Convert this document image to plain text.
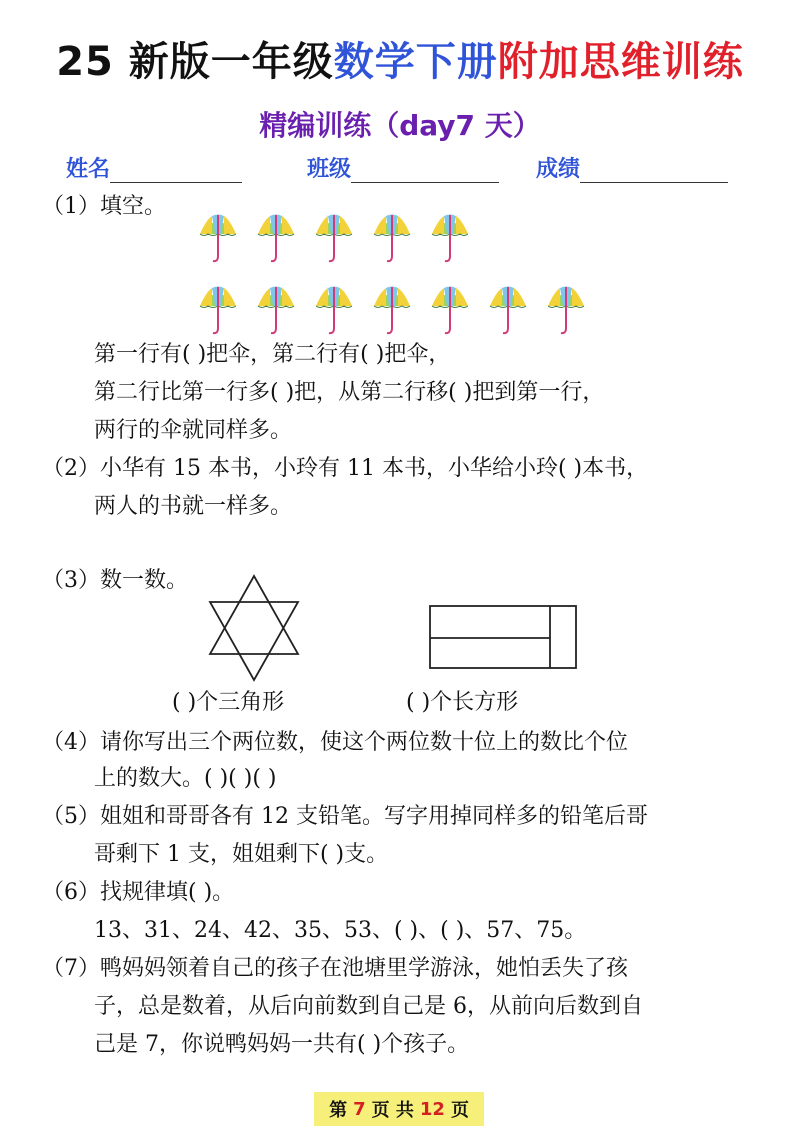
25 新版一年级数学下册附加思维训练
精编训练（day7 天）
姓名	班级	成绩
（1）填空。
第一行有( )把伞，第二行有( )把伞，
第二行比第一行多( )把，从第二行移( )把到第一行，
两行的伞就同样多。
（2）小华有 15 本书，小玲有 11 本书，小华给小玲( )本书，
两人的书就一样多。
（3）数一数。
( )个三角形	( )个长方形
（4）请你写出三个两位数，使这个两位数十位上的数比个位
上的数大。( )( )( )
（5）姐姐和哥哥各有 12 支铅笔。写字用掉同样多的铅笔后哥
哥剩下 1 支，姐姐剩下( )支。
（6）找规律填( )。
13、31、24、42、35、53、( )、( )、57、75。
（7）鸭妈妈领着自己的孩子在池塘里学游泳，她怕丢失了孩
子，总是数着，从后向前数到自己是 6，从前向后数到自
己是 7，你说鸭妈妈一共有( )个孩子。
第 7 页 共 12 页
